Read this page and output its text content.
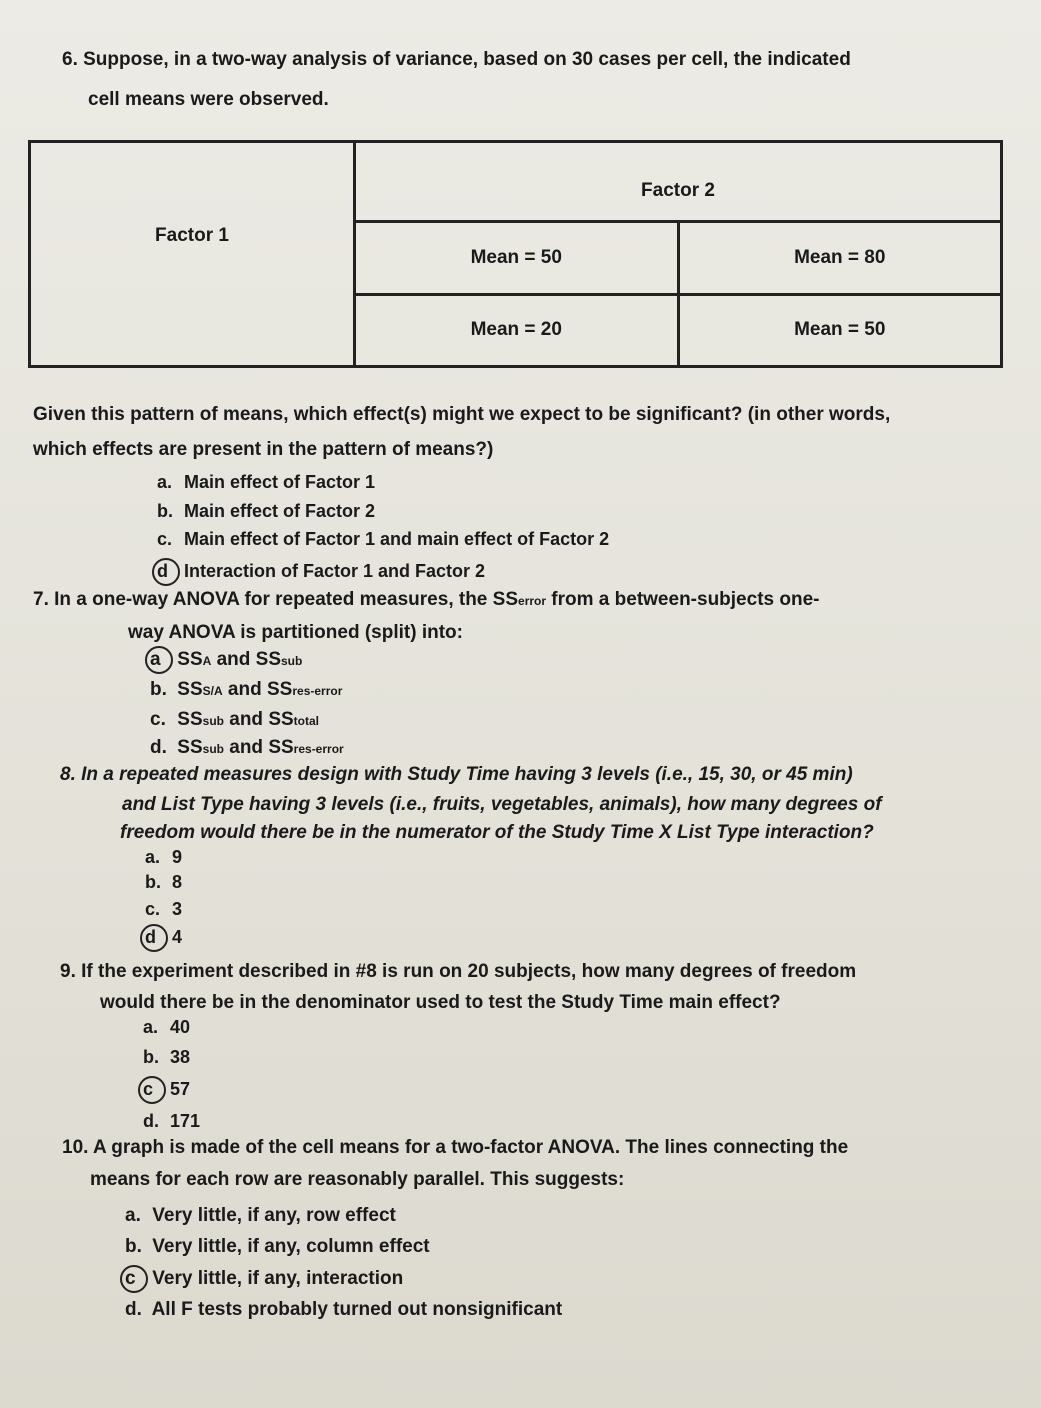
6. Suppose, in a two-way analysis of variance, based on 30 cases per cell, the indicated
cell means were observed.
Factor 1	Factor 2	
	Mean = 50	Mean = 80
	Mean = 20	Mean = 50
Given this pattern of means, which effect(s) might we expect to be significant? (in other words,
which effects are present in the pattern of means?)
a. Main effect of Factor 1
b. Main effect of Factor 2
c. Main effect of Factor 1 and main effect of Factor 2
d Interaction of Factor 1 and Factor 2
7. In a one-way ANOVA for repeated measures, the SSerror from a between-subjects one-
way ANOVA is partitioned (split) into:
a SSA and SSsub
b. SSS/A and SSres-error
c. SSsub and SStotal
d. SSsub and SSres-error
8. In a repeated measures design with Study Time having 3 levels (i.e., 15, 30, or 45 min)
and List Type having 3 levels (i.e., fruits, vegetables, animals), how many degrees of
freedom would there be in the numerator of the Study Time X List Type interaction?
a. 9
b. 8
c. 3
d 4
9. If the experiment described in #8 is run on 20 subjects, how many degrees of freedom
would there be in the denominator used to test the Study Time main effect?
a. 40
b. 38
c 57
d. 171
10. A graph is made of the cell means for a two-factor ANOVA. The lines connecting the
means for each row are reasonably parallel. This suggests:
a. Very little, if any, row effect
b. Very little, if any, column effect
c Very little, if any, interaction
d. All F tests probably turned out nonsignificant
